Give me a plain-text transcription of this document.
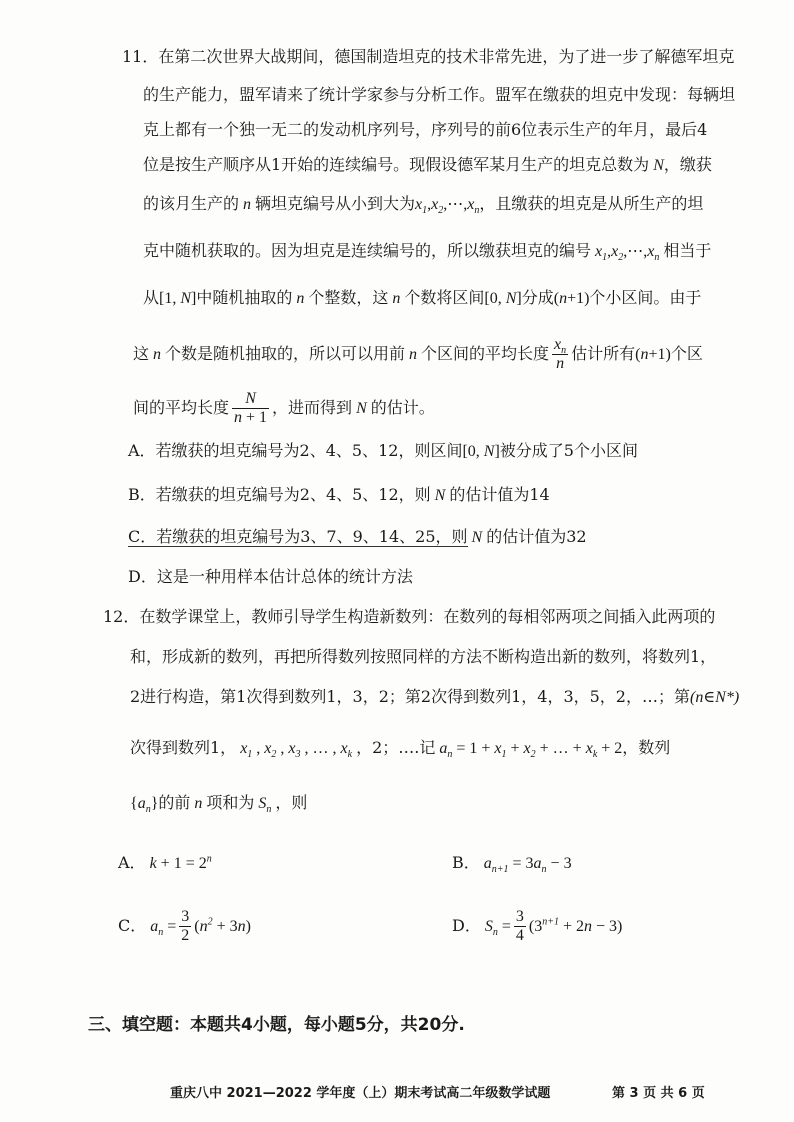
11．在第二次世界大战期间，德国制造坦克的技术非常先进，为了进一步了解德军坦克
的生产能力，盟军请来了统计学家参与分析工作。盟军在缴获的坦克中发现：每辆坦
克上都有一个独一无二的发动机序列号，序列号的前6位表示生产的年月，最后4
位是按生产顺序从1开始的连续编号。现假设德军某月生产的坦克总数为 N，缴获
的该月生产的 n 辆坦克编号从小到大为$x_1,x_2,\cdots,x_n$，且缴获的坦克是从所生产的坦
克中随机获取的。因为坦克是连续编号的，所以缴获坦克的编号 $x_1,x_2,\cdots,x_n$ 相当于
从[1, N]中随机抽取的 n 个整数，这 n 个数将区间[0, N]分成(n+1)个小区间。由于
这 n 个数是随机抽取的，所以可以用前 n 个区间的平均长度 $\frac{x_n}{n}$ 估计所有(n+1)个区
间的平均长度 $\frac{N}{n + 1}$ ，进而得到 N 的估计。
A．若缴获的坦克编号为2、4、5、12，则区间[0, N]被分成了5个小区间
B．若缴获的坦克编号为2、4、5、12，则 N 的估计值为14
C．若缴获的坦克编号为3、7、9、14、25，则 N 的估计值为32
D．这是一种用样本估计总体的统计方法
12．在数学课堂上，教师引导学生构造新数列：在数列的每相邻两项之间插入此两项的
和，形成新的数列，再把所得数列按照同样的方法不断构造出新的数列，将数列1，
2进行构造，第1次得到数列1，3，2；第2次得到数列1，4，3，5，2，…；第(n∈N*)
次得到数列1， $x_1$ , $x_2$ , $x_3$ , … , $x_k$ ，2；….记 $a_n = 1 + x_1 + x_2$ + … + $x_k + 2$，数列
$\{a_n\}$的前 n 项和为 $S_n$ ，则
A． $k + 1 = 2^n$	B． $a_{n+1} = 3a_n - 3$
C． $a_n = \frac{3}{2} (n^2 + 3n)$	D． $S_n = \frac{3}{4} (3^{n+1} + 2n - 3)$
三、填空题：本题共4小题，每小题5分，共20分.
重庆八中 2021—2022 学年度（上）期末考试高二年级数学试题	第 3 页 共 6 页
